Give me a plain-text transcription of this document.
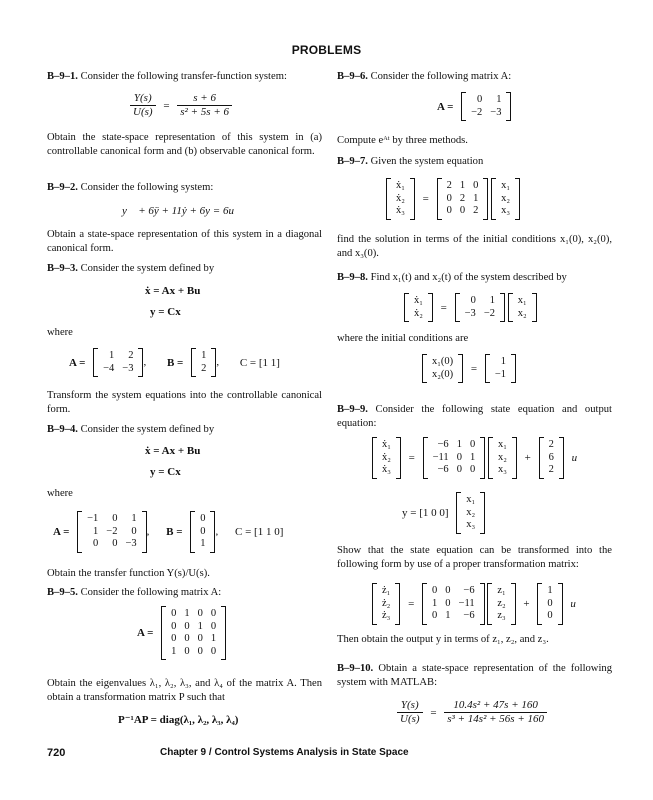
PROBLEMS
B–9–1. Consider the following transfer-function system:
$\frac{Y(s)}{U(s)} = \frac{s + 6}{\text{s² + 5s + 6}}$
Obtain the state-space representation of this system in (a) controllable canonical form and (b) observable canonical form.
B–9–2. Consider the following system:
y⃛ + 6ÿ + 11ẏ + 6y = 6u
Obtain a state-space representation of this system in a diagonal canonical form.
B–9–3. Consider the system defined by
ẋ = Ax + Bu
y = Cx
where
A =
1	2
−4	−3 , B =
1
2 , C = [1 1]
Transform the system equations into the controllable canonical form.
B–9–4. Consider the system defined by
ẋ = Ax + Bu
y = Cx
where
A =
−1	0	1
1	−2	0
0	0	−3
, B =
0
0
1
, C = [1 1 0]
Obtain the transfer function Y(s)/U(s).
B–9–5. Consider the following matrix A:
A =
0	1	0	0
0	0	1	0
0	0	0	1
1	0	0	0
Obtain the eigenvalues λ₁, λ₂, λ₃, and λ₄ of the matrix A. Then obtain a transformation matrix P such that
P⁻¹AP = diag(λ₁, λ₂, λ₃, λ₄)
B–9–6. Consider the following matrix A:
A =
0	1
−2	−3
Compute eᴬᵗ by three methods.
B–9–7. Given the system equation
ẋ₁
ẋ₂
ẋ₃
=
2	1	0
0	2	1
0	0	2

x₁
x₂
x₃
find the solution in terms of the initial conditions x₁(0), x₂(0), and x₃(0).
B–9–8. Find x₁(t) and x₂(t) of the system described by
ẋ₁
ẋ₂ =
0	1
−3	−2

x₁
x₂
where the initial conditions are
x₁(0)
x₂(0) =
1
−1
B–9–9. Consider the following state equation and output equation:
ẋ₁
ẋ₂
ẋ₃
=
−6	1	0
−11	0	1
−6	0	0

x₁
x₂
x₃
+
2
6
2
u
y = [1 0 0]
x₁
x₂
x₃
Show that the state equation can be transformed into the following form by use of a proper transformation matrix:
ż₁
ż₂
ż₃
=
0	0	−6
1	0	−11
0	1	−6

z₁
z₂
z₃
+
1
0
0
u
Then obtain the output y in terms of z₁, z₂, and z₃.
B–9–10. Obtain a state-space representation of the following system with MATLAB:
$\frac{Y(s)}{U(s)} = \frac{\text{10.4s² + 47s + 160}}{\text{s³ + 14s² + 56s + 160}}$
720	Chapter 9 / Control Systems Analysis in State Space
